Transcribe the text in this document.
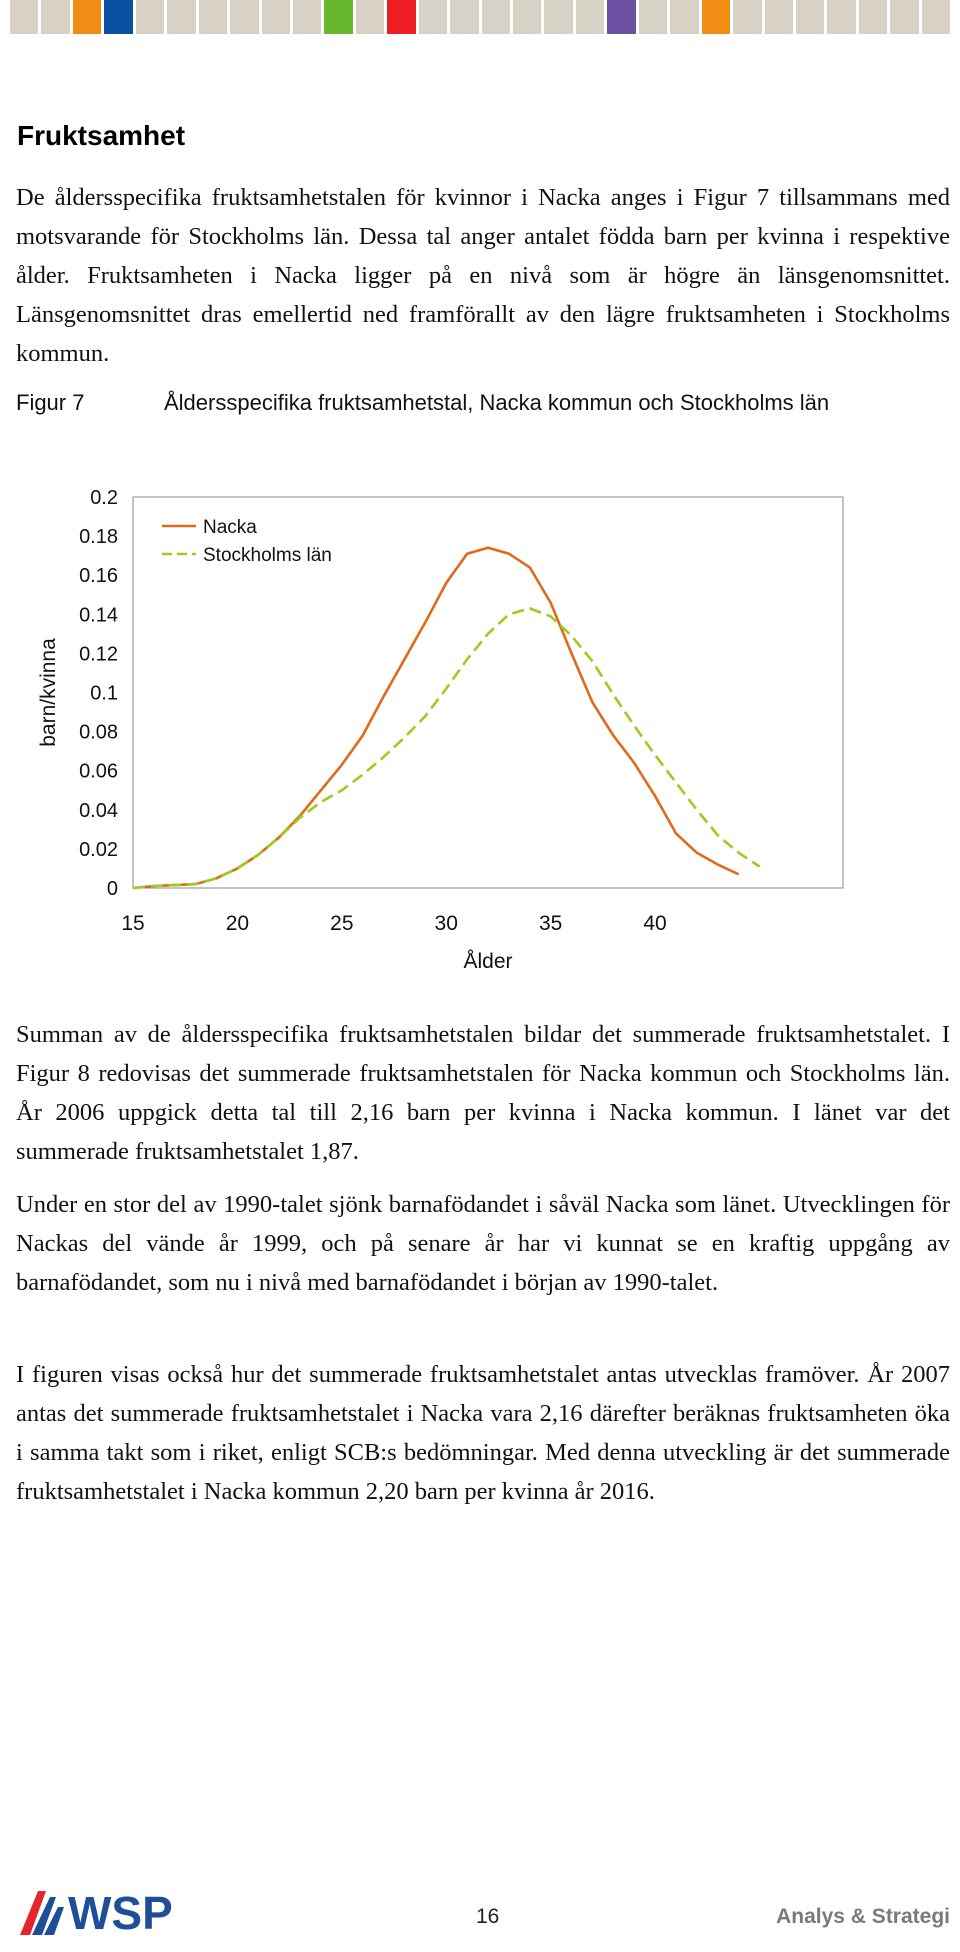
Fruktsamhet

De åldersspecifika fruktsamhetstalen för kvinnor i Nacka anges i Figur 7 tillsammans med motsvarande för Stockholms län. Dessa tal anger antalet födda barn per kvinna i respektive ålder. Fruktsamheten i Nacka ligger på en nivå som är högre än länsgenomsnittet. Länsgenomsnittet dras emellertid ned framförallt av den lägre fruktsamheten i Stockholms kommun.

Figur 7	Åldersspecifika fruktsamhetstal, Nacka kommun och Stockholms län
0
0.02
0.04
0.06
0.08
0.1
0.12
0.14
0.16
0.18
0.2
15	20	25	30	35	40
Ålder
barn/kvinna
Nacka
Stockholms län

Summan av de åldersspecifika fruktsamhetstalen bildar det summerade fruktsamhetstalet. I Figur 8 redovisas det summerade fruktsamhetstalen för Nacka kommun och Stockholms län. År 2006 uppgick detta tal till 2,16 barn per kvinna i Nacka kommun. I länet var det summerade fruktsamhetstalet 1,87.

Under en stor del av 1990-talet sjönk barnafödandet i såväl Nacka som länet. Utvecklingen för Nackas del vände år 1999, och på senare år har vi kunnat se en kraftig uppgång av barnafödandet, som nu i nivå med barnafödandet i början av 1990-talet.

I figuren visas också hur det summerade fruktsamhetstalet antas utvecklas framöver. År 2007 antas det summerade fruktsamhetstalet i Nacka vara 2,16 därefter beräknas fruktsamheten öka i samma takt som i riket, enligt SCB:s bedömningar. Med denna utveckling är det summerade fruktsamhetstalet i Nacka kommun 2,20 barn per kvinna år 2016.

WSP	16	Analys & Strategi
